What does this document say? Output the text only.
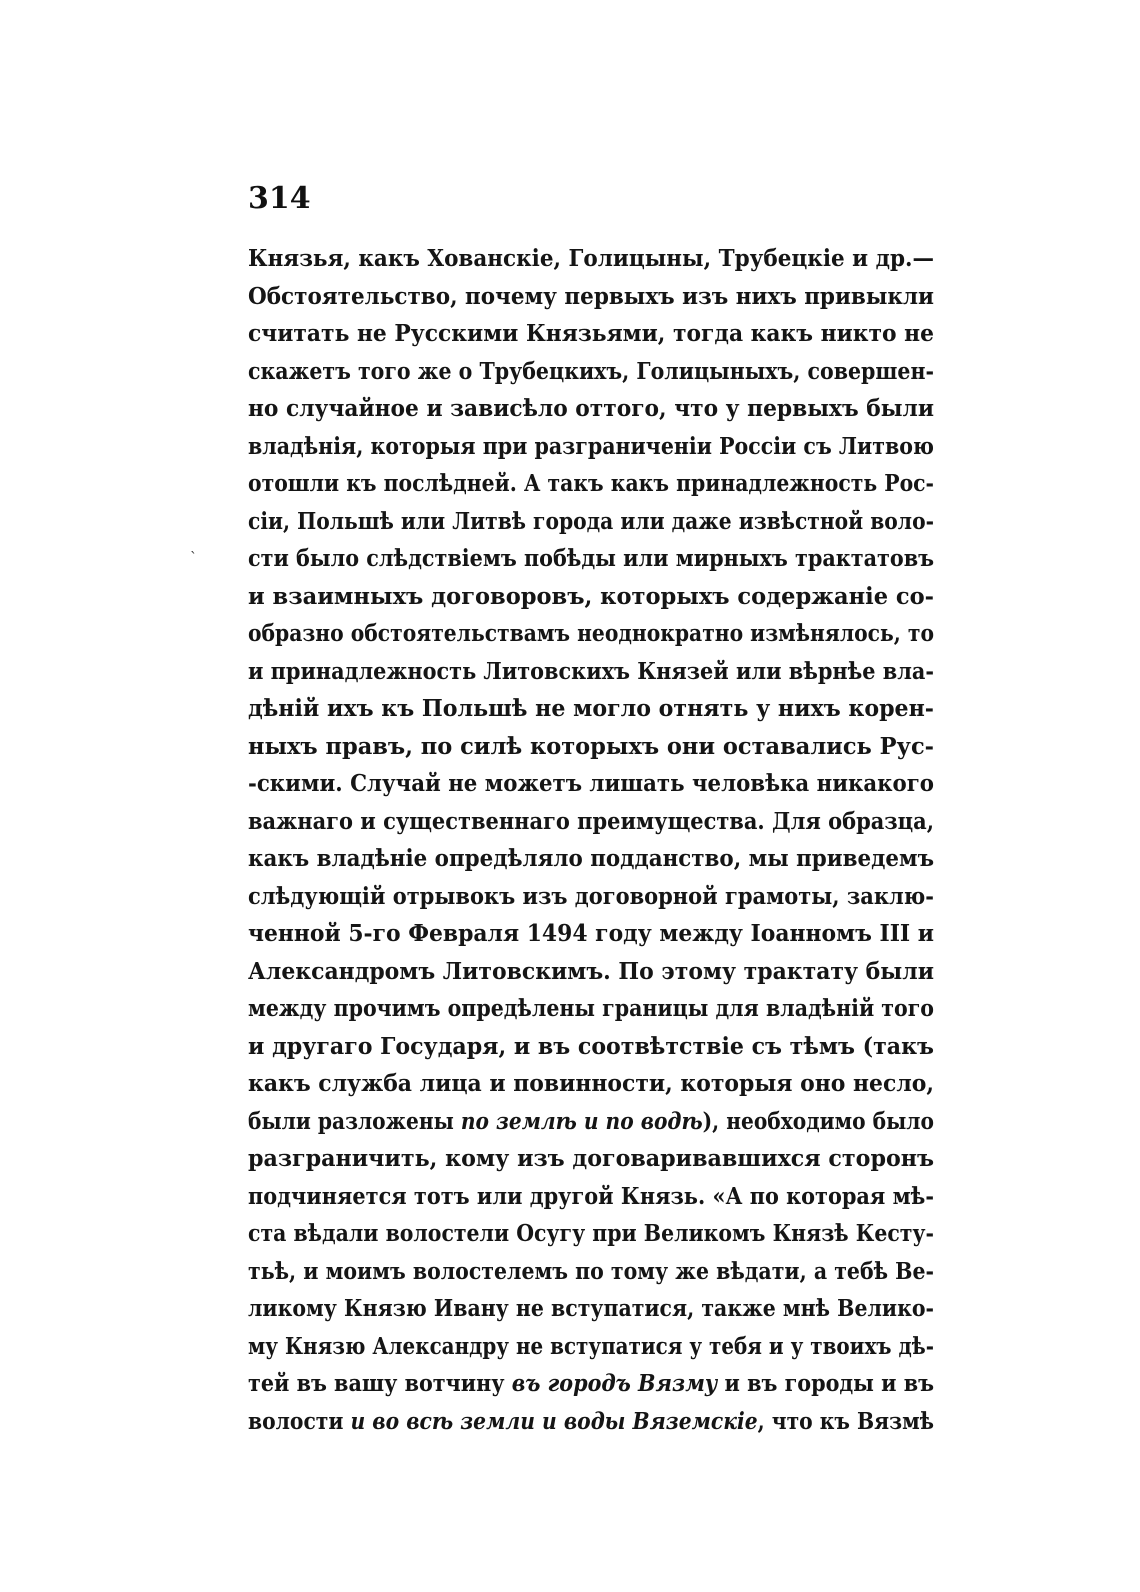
314
ˎ
Князья, какъ Хованскіе, Голицыны, Трубецкіе и др.—
Обстоятельство, почему первыхъ изъ нихъ привыкли
считать не Русскими Князьями, тогда какъ никто не
скажетъ того же о Трубецкихъ, Голицыныхъ, совершен-
но случайное и зависѣло оттого, что у первыхъ были
владѣнія, которыя при разграниченіи Россіи съ Литвою
отошли къ послѣдней. А такъ какъ принадлежность Рос-
сіи, Польшѣ или Литвѣ города или даже извѣстной воло-
сти было слѣдствіемъ побѣды или мирныхъ трактатовъ
и взаимныхъ договоровъ, которыхъ содержаніе со-
образно обстоятельствамъ неоднократно измѣнялось, то
и принадлежность Литовскихъ Князей или вѣрнѣе вла-
дѣній ихъ къ Польшѣ не могло отнять у нихъ корен-
ныхъ правъ, по силѣ которыхъ они оставались Рус-
-скими. Случай не можетъ лишать человѣка никакого
важнаго и существеннаго преимущества. Для образца,
какъ владѣніе опредѣляло подданство, мы приведемъ
слѣдующій отрывокъ изъ договорной грамоты, заклю-
ченной 5-го Февраля 1494 году между Іоанномъ III и
Александромъ Литовскимъ. По этому трактату были
между прочимъ опредѣлены границы для владѣній того
и другаго Государя, и въ соотвѣтствіе съ тѣмъ (такъ
какъ служба лица и повинности, которыя оно несло,
были разложены по землѣ и по водѣ), необходимо было
разграничить, кому изъ договаривавшихся сторонъ
подчиняется тотъ или другой Князь. «А по которая мѣ-
ста вѣдали волостели Осугу при Великомъ Князѣ Кесту-
тьѣ, и моимъ волостелемъ по тому же вѣдати, а тебѣ Ве-
ликому Князю Ивану не вступатися, также мнѣ Велико-
му Князю Александру не вступатися у тебя и у твоихъ дѣ-
тей въ вашу вотчину въ городъ Вязму и въ городы и въ
волости и во всѣ земли и воды Вяземскіе, что къ Вязмѣ
